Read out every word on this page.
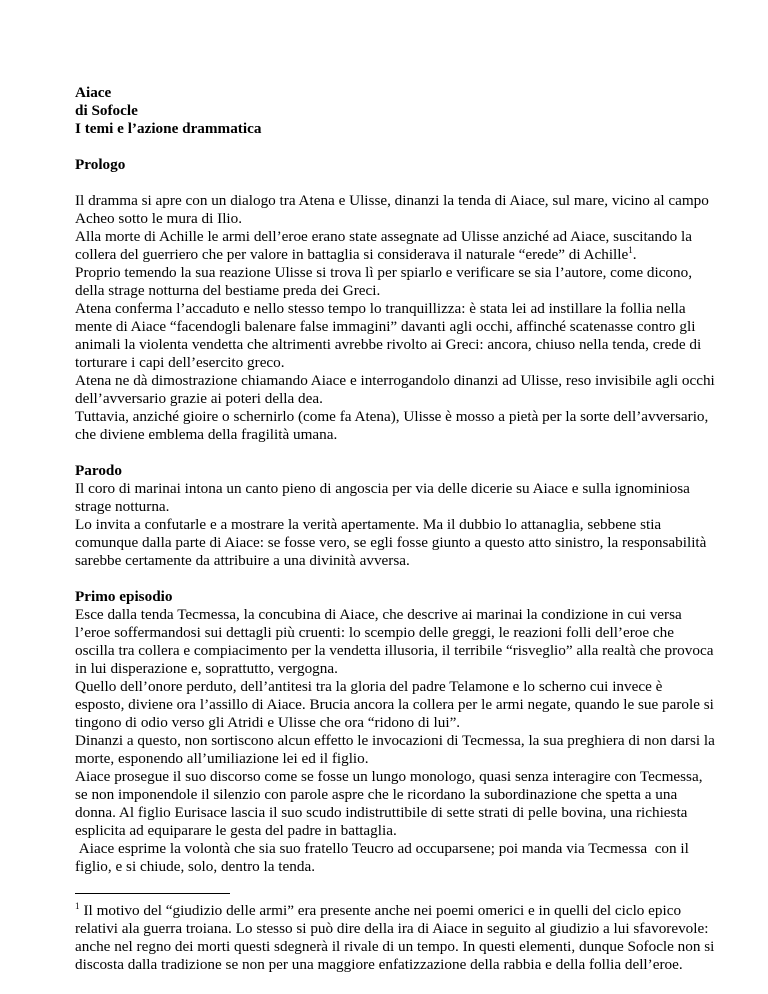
Aiace
di Sofocle
I temi e l’azione drammatica

Prologo

Il dramma si apre con un dialogo tra Atena e Ulisse, dinanzi la tenda di Aiace, sul mare, vicino al campo Acheo sotto le mura di Ilio.

Alla morte di Achille le armi dell’eroe erano state assegnate ad Ulisse anziché ad Aiace, suscitando la collera del guerriero che per valore in battaglia si considerava il naturale “erede” di Achille$^1$.

Proprio temendo la sua reazione Ulisse si trova lì per spiarlo e verificare se sia l’autore, come dicono, della strage notturna del bestiame preda dei Greci.

Atena conferma l’accaduto e nello stesso tempo lo tranquillizza: è stata lei ad instillare la follia nella mente di Aiace “facendogli balenare false immagini” davanti agli occhi, affinché scatenasse contro gli animali la violenta vendetta che altrimenti avrebbe rivolto ai Greci: ancora, chiuso nella tenda, crede di torturare i capi dell’esercito greco.

Atena ne dà dimostrazione chiamando Aiace e interrogandolo dinanzi ad Ulisse, reso invisibile agli occhi dell’avversario grazie ai poteri della dea.

Tuttavia, anziché gioire o schernirlo (come fa Atena), Ulisse è mosso a pietà per la sorte dell’avversario, che diviene emblema della fragilità umana.

Parodo

Il coro di marinai intona un canto pieno di angoscia per via delle dicerie su Aiace e sulla ignominiosa strage notturna.

Lo invita a confutarle e a mostrare la verità apertamente. Ma il dubbio lo attanaglia, sebbene stia comunque dalla parte di Aiace: se fosse vero, se egli fosse giunto a questo atto sinistro, la responsabilità sarebbe certamente da attribuire a una divinità avversa.

Primo episodio

Esce dalla tenda Tecmessa, la concubina di Aiace, che descrive ai marinai la condizione in cui versa l’eroe soffermandosi sui dettagli più cruenti: lo scempio delle greggi, le reazioni folli dell’eroe che oscilla tra collera e compiacimento per la vendetta illusoria, il terribile “risveglio” alla realtà che provoca in lui disperazione e, soprattutto, vergogna.

Quello dell’onore perduto, dell’antitesi tra la gloria del padre Telamone e lo scherno cui invece è esposto, diviene ora l’assillo di Aiace. Brucia ancora la collera per le armi negate, quando le sue parole si tingono di odio verso gli Atridi e Ulisse che ora “ridono di lui”.

Dinanzi a questo, non sortiscono alcun effetto le invocazioni di Tecmessa, la sua preghiera di non darsi la morte, esponendo all’umiliazione lei ed il figlio.

Aiace prosegue il suo discorso come se fosse un lungo monologo, quasi senza interagire con Tecmessa, se non imponendole il silenzio con parole aspre che le ricordano la subordinazione che spetta a una donna. Al figlio Eurisace lascia il suo scudo indistruttibile di sette strati di pelle bovina, una richiesta esplicita ad equiparare le gesta del padre in battaglia.

Aiace esprime la volontà che sia suo fratello Teucro ad occuparsene; poi manda via Tecmessa  con il figlio, e si chiude, solo, dentro la tenda.

$^1$ Il motivo del “giudizio delle armi” era presente anche nei poemi omerici e in quelli del ciclo epico relativi ala guerra troiana. Lo stesso si può dire della ira di Aiace in seguito al giudizio a lui sfavorevole: anche nel regno dei morti questi sdegnerà il rivale di un tempo. In questi elementi, dunque Sofocle non si discosta dalla tradizione se non per una maggiore enfatizzazione della rabbia e della follia dell’eroe.
